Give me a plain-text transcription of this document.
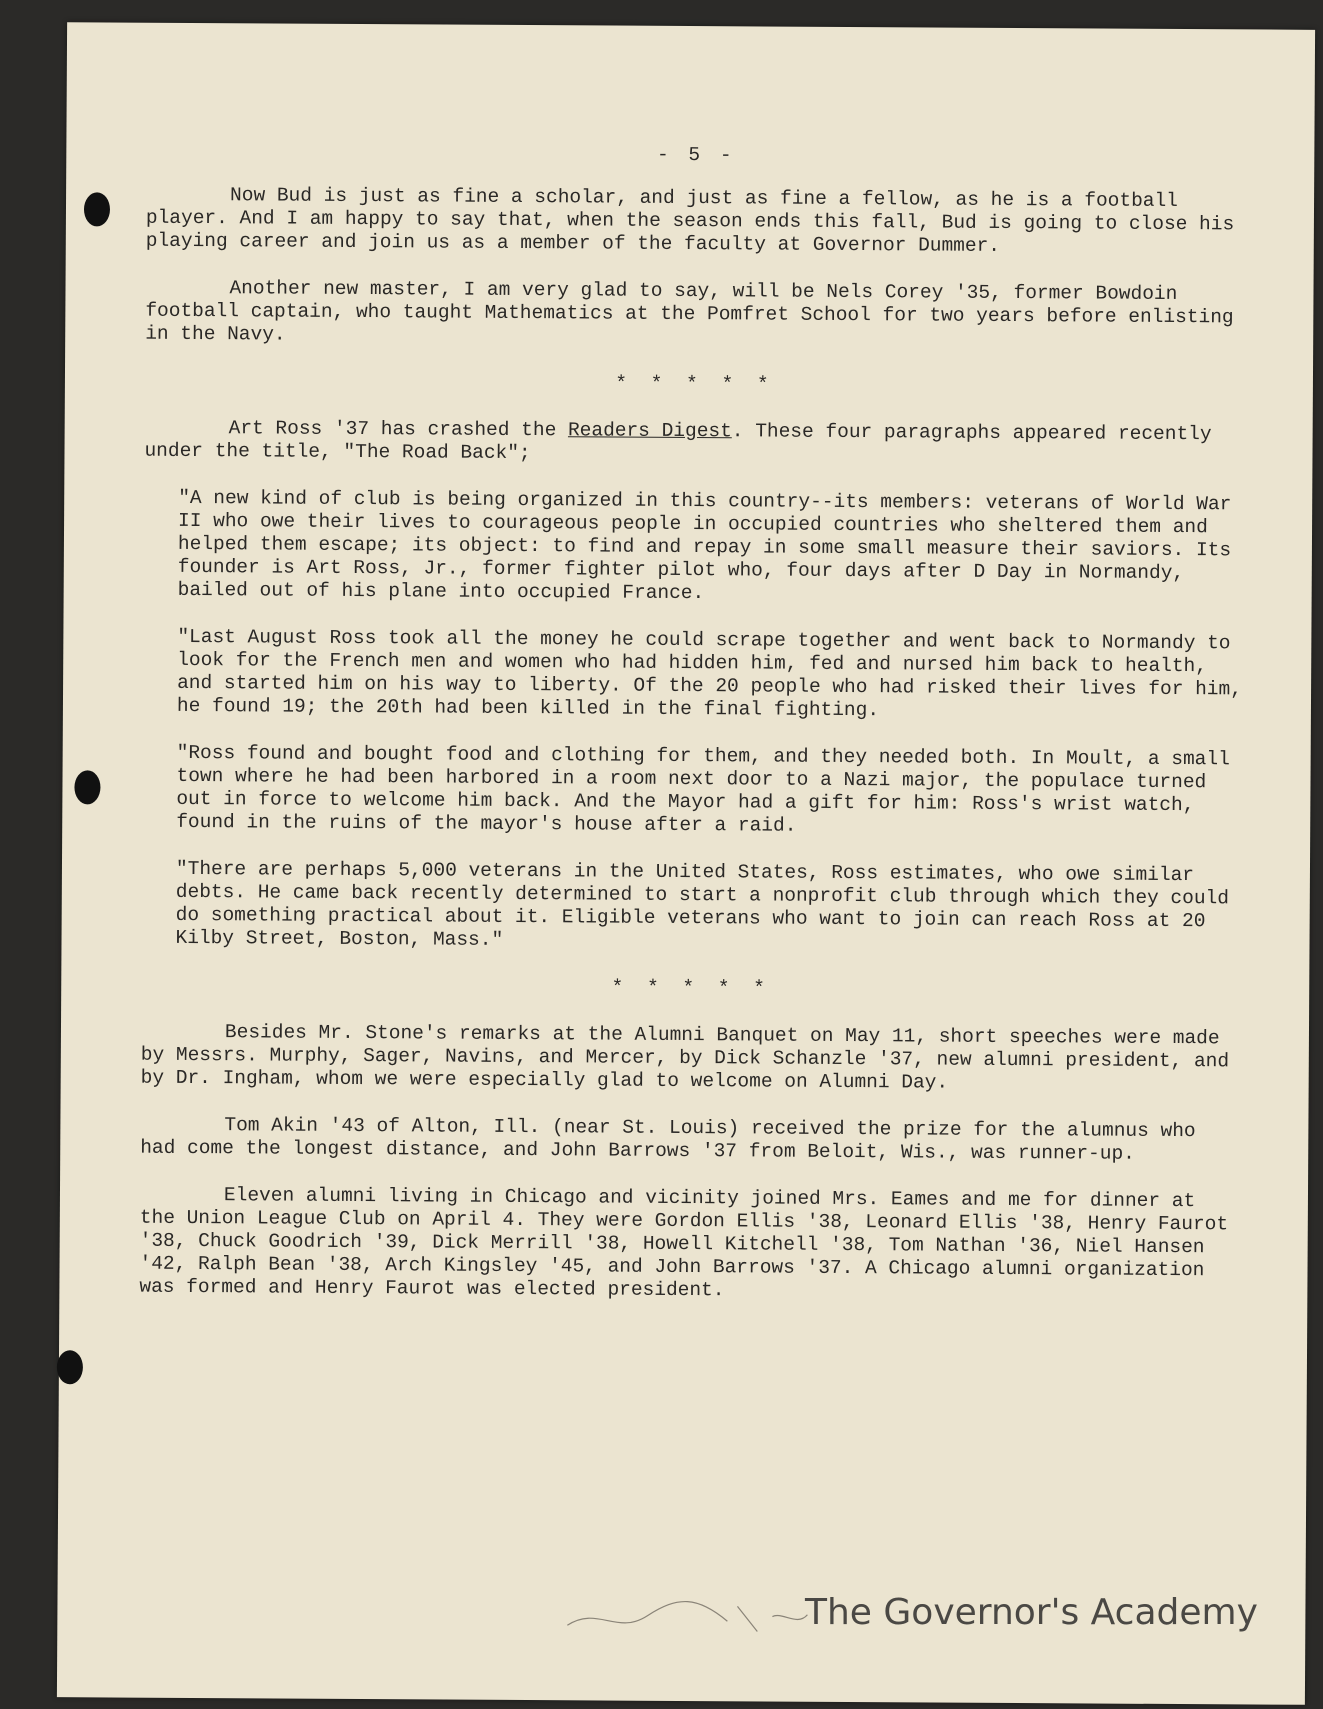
- 5 -

Now Bud is just as fine a scholar, and just as fine a fellow, as he is a football player. And I am happy to say that, when the season ends this fall, Bud is going to close his playing career and join us as a member of the faculty at Governor Dummer.

Another new master, I am very glad to say, will be Nels Corey '35, former Bowdoin football captain, who taught Mathematics at the Pomfret School for two years before enlisting in the Navy.

* * * * *

Art Ross '37 has crashed the Readers Digest. These four paragraphs appeared recently under the title, "The Road Back";

"A new kind of club is being organized in this country--its members: veterans of World War II who owe their lives to courageous people in occupied countries who sheltered them and helped them escape; its object: to find and repay in some small measure their saviors. Its founder is Art Ross, Jr., former fighter pilot who, four days after D Day in Normandy, bailed out of his plane into occupied France.

"Last August Ross took all the money he could scrape together and went back to Normandy to look for the French men and women who had hidden him, fed and nursed him back to health, and started him on his way to liberty. Of the 20 people who had risked their lives for him, he found 19; the 20th had been killed in the final fighting.

"Ross found and bought food and clothing for them, and they needed both. In Moult, a small town where he had been harbored in a room next door to a Nazi major, the populace turned out in force to welcome him back. And the Mayor had a gift for him: Ross's wrist watch, found in the ruins of the mayor's house after a raid.

"There are perhaps 5,000 veterans in the United States, Ross estimates, who owe similar debts. He came back recently determined to start a nonprofit club through which they could do something practical about it. Eligible veterans who want to join can reach Ross at 20 Kilby Street, Boston, Mass."

* * * * *

Besides Mr. Stone's remarks at the Alumni Banquet on May 11, short speeches were made by Messrs. Murphy, Sager, Navins, and Mercer, by Dick Schanzle '37, new alumni president, and by Dr. Ingham, whom we were especially glad to welcome on Alumni Day.

Tom Akin '43 of Alton, Ill. (near St. Louis) received the prize for the alumnus who had come the longest distance, and John Barrows '37 from Beloit, Wis., was runner-up.

Eleven alumni living in Chicago and vicinity joined Mrs. Eames and me for dinner at the Union League Club on April 4. They were Gordon Ellis '38, Leonard Ellis '38, Henry Faurot '38, Chuck Goodrich '39, Dick Merrill '38, Howell Kitchell '38, Tom Nathan '36, Niel Hansen '42, Ralph Bean '38, Arch Kingsley '45, and John Barrows '37. A Chicago alumni organization was formed and Henry Faurot was elected president.

The Governor's Academy
